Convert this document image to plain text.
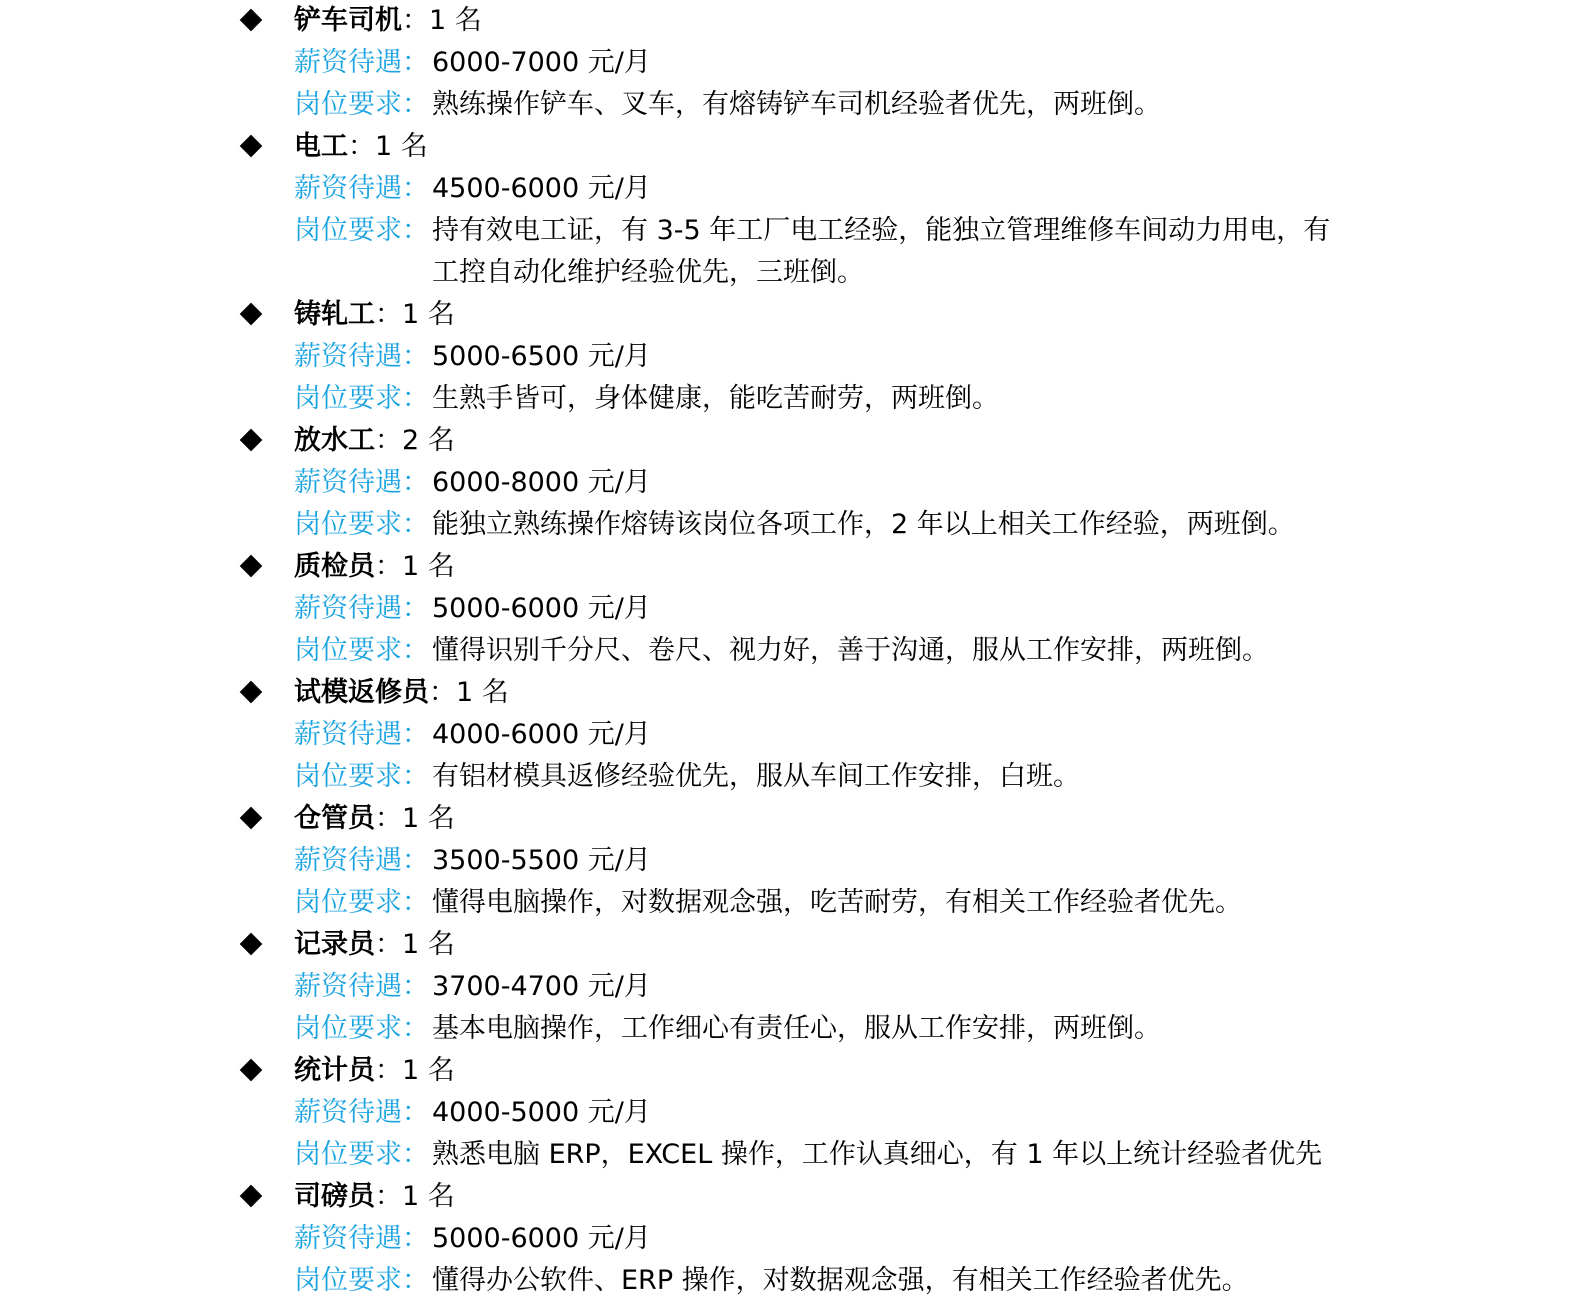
铲车司机：1 名
薪资待遇： 6000-7000 元/月
岗位要求： 熟练操作铲车、叉车，有熔铸铲车司机经验者优先，两班倒。
电工：1 名
薪资待遇： 4500-6000 元/月
岗位要求： 持有效电工证，有 3-5 年工厂电工经验，能独立管理维修车间动力用电，有工控自动化维护经验优先，三班倒。
铸轧工：1 名
薪资待遇： 5000-6500 元/月
岗位要求： 生熟手皆可，身体健康，能吃苦耐劳，两班倒。
放水工：2 名
薪资待遇： 6000-8000 元/月
岗位要求： 能独立熟练操作熔铸该岗位各项工作，2 年以上相关工作经验，两班倒。
质检员：1 名
薪资待遇： 5000-6000 元/月
岗位要求： 懂得识别千分尺、卷尺、视力好，善于沟通，服从工作安排，两班倒。
试模返修员：1 名
薪资待遇： 4000-6000 元/月
岗位要求： 有铝材模具返修经验优先，服从车间工作安排，白班。
仓管员：1 名
薪资待遇： 3500-5500 元/月
岗位要求： 懂得电脑操作，对数据观念强，吃苦耐劳，有相关工作经验者优先。
记录员：1 名
薪资待遇： 3700-4700 元/月
岗位要求： 基本电脑操作，工作细心有责任心，服从工作安排，两班倒。
统计员：1 名
薪资待遇： 4000-5000 元/月
岗位要求： 熟悉电脑 ERP，EXCEL 操作，工作认真细心，有 1 年以上统计经验者优先
司磅员：1 名
薪资待遇： 5000-6000 元/月
岗位要求： 懂得办公软件、ERP 操作，对数据观念强，有相关工作经验者优先。
